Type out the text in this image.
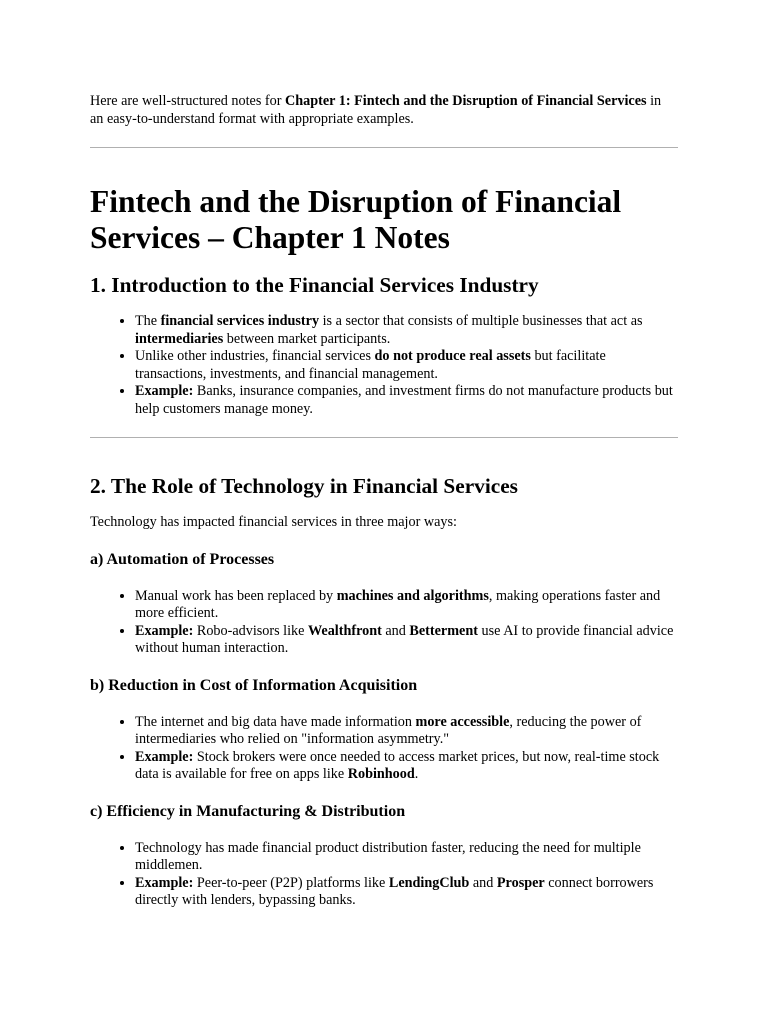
Here are well-structured notes for Chapter 1: Fintech and the Disruption of Financial Services in an easy-to-understand format with appropriate examples.

Fintech and the Disruption of Financial Services – Chapter 1 Notes
1. Introduction to the Financial Services Industry
• The financial services industry is a sector that consists of multiple businesses that act as intermediaries between market participants.
• Unlike other industries, financial services do not produce real assets but facilitate transactions, investments, and financial management.
• Example: Banks, insurance companies, and investment firms do not manufacture products but help customers manage money.
2. The Role of Technology in Financial Services

Technology has impacted financial services in three major ways:

a) Automation of Processes
• Manual work has been replaced by machines and algorithms, making operations faster and more efficient.
• Example: Robo-advisors like Wealthfront and Betterment use AI to provide financial advice without human interaction.
b) Reduction in Cost of Information Acquisition
• The internet and big data have made information more accessible, reducing the power of intermediaries who relied on "information asymmetry."
• Example: Stock brokers were once needed to access market prices, but now, real-time stock data is available for free on apps like Robinhood.
c) Efficiency in Manufacturing & Distribution
• Technology has made financial product distribution faster, reducing the need for multiple middlemen.
• Example: Peer-to-peer (P2P) platforms like LendingClub and Prosper connect borrowers directly with lenders, bypassing banks.
